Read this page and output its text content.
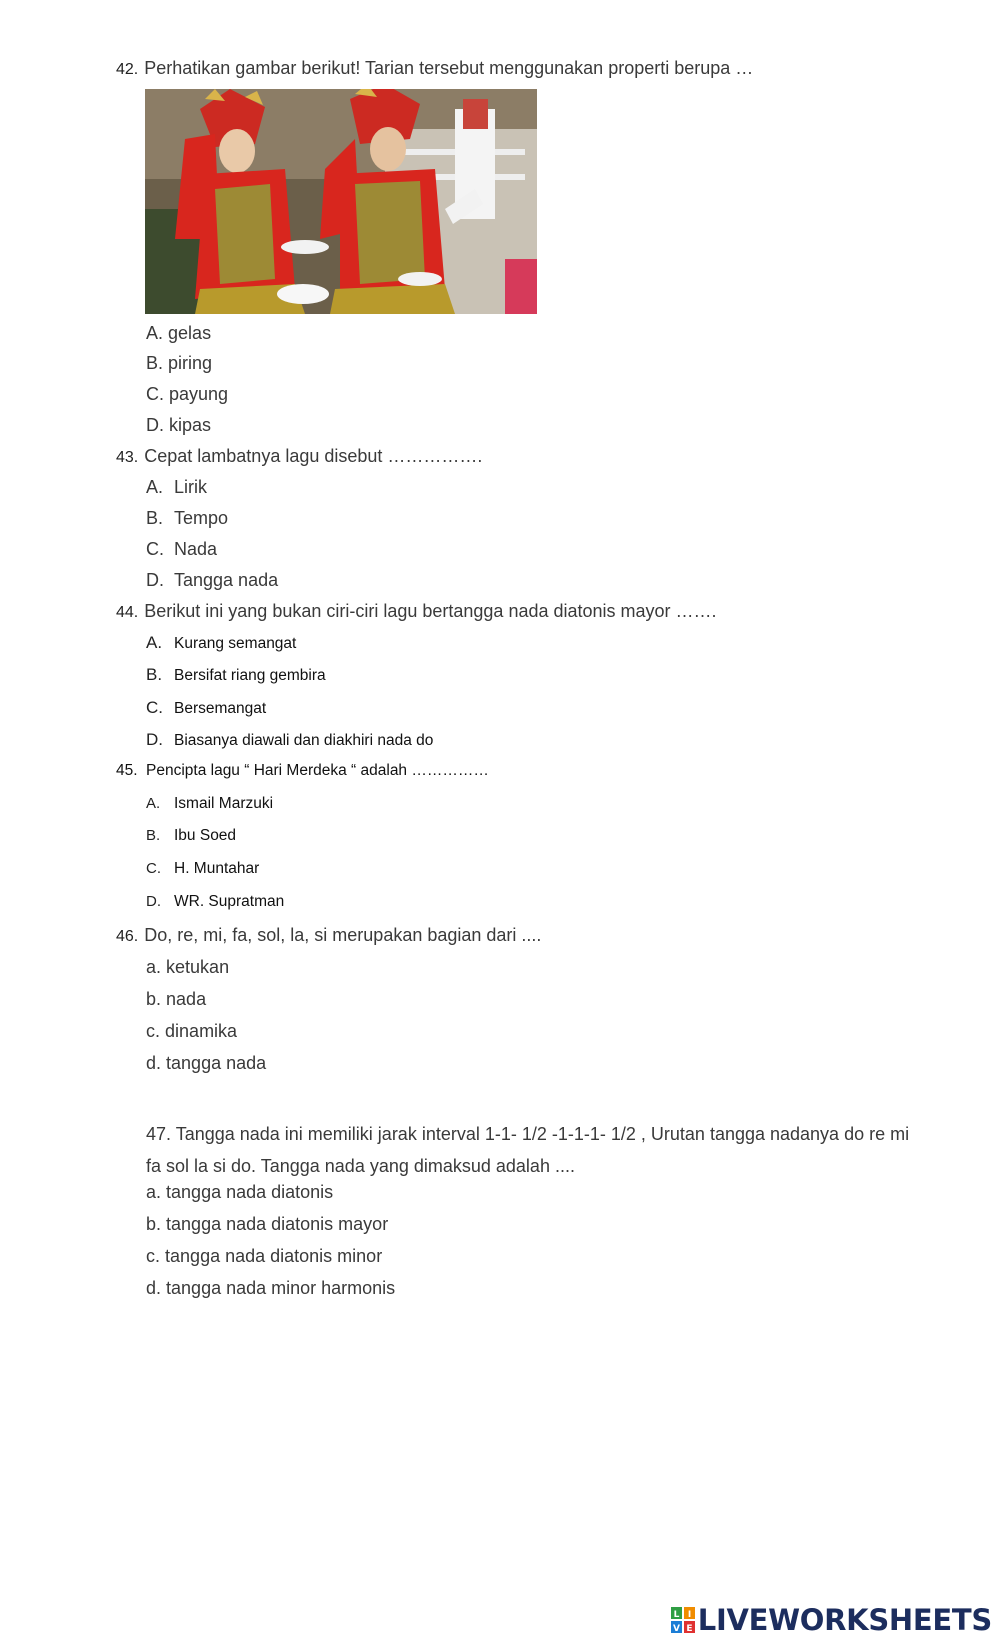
42. Perhatikan gambar berikut! Tarian tersebut menggunakan properti berupa …
A. gelas
B. piring
C. payung
D. kipas
43. Cepat lambatnya lagu disebut …………….
A. Lirik
B. Tempo
C. Nada
D. Tangga nada
44. Berikut ini yang bukan ciri-ciri lagu bertangga nada diatonis mayor …….
A. Kurang semangat
B. Bersifat riang gembira
C. Bersemangat
D. Biasanya diawali dan diakhiri nada do
45. Pencipta lagu “ Hari Merdeka “ adalah ……………
A. Ismail Marzuki
B. Ibu Soed
C. H. Muntahar
D. WR. Supratman
46. Do, re, mi, fa, sol, la, si merupakan bagian dari ....
a. ketukan
b. nada
c. dinamika
d. tangga nada
47. Tangga nada ini memiliki jarak interval 1-1- 1/2 -1-1-1- 1/2 , Urutan tangga nadanya do re mi fa sol la si do. Tangga nada yang dimaksud adalah ....
a. tangga nada diatonis
b. tangga nada diatonis mayor
c. tangga nada diatonis minor
d. tangga nada minor harmonis
L I
V E LIVEWORKSHEETS
